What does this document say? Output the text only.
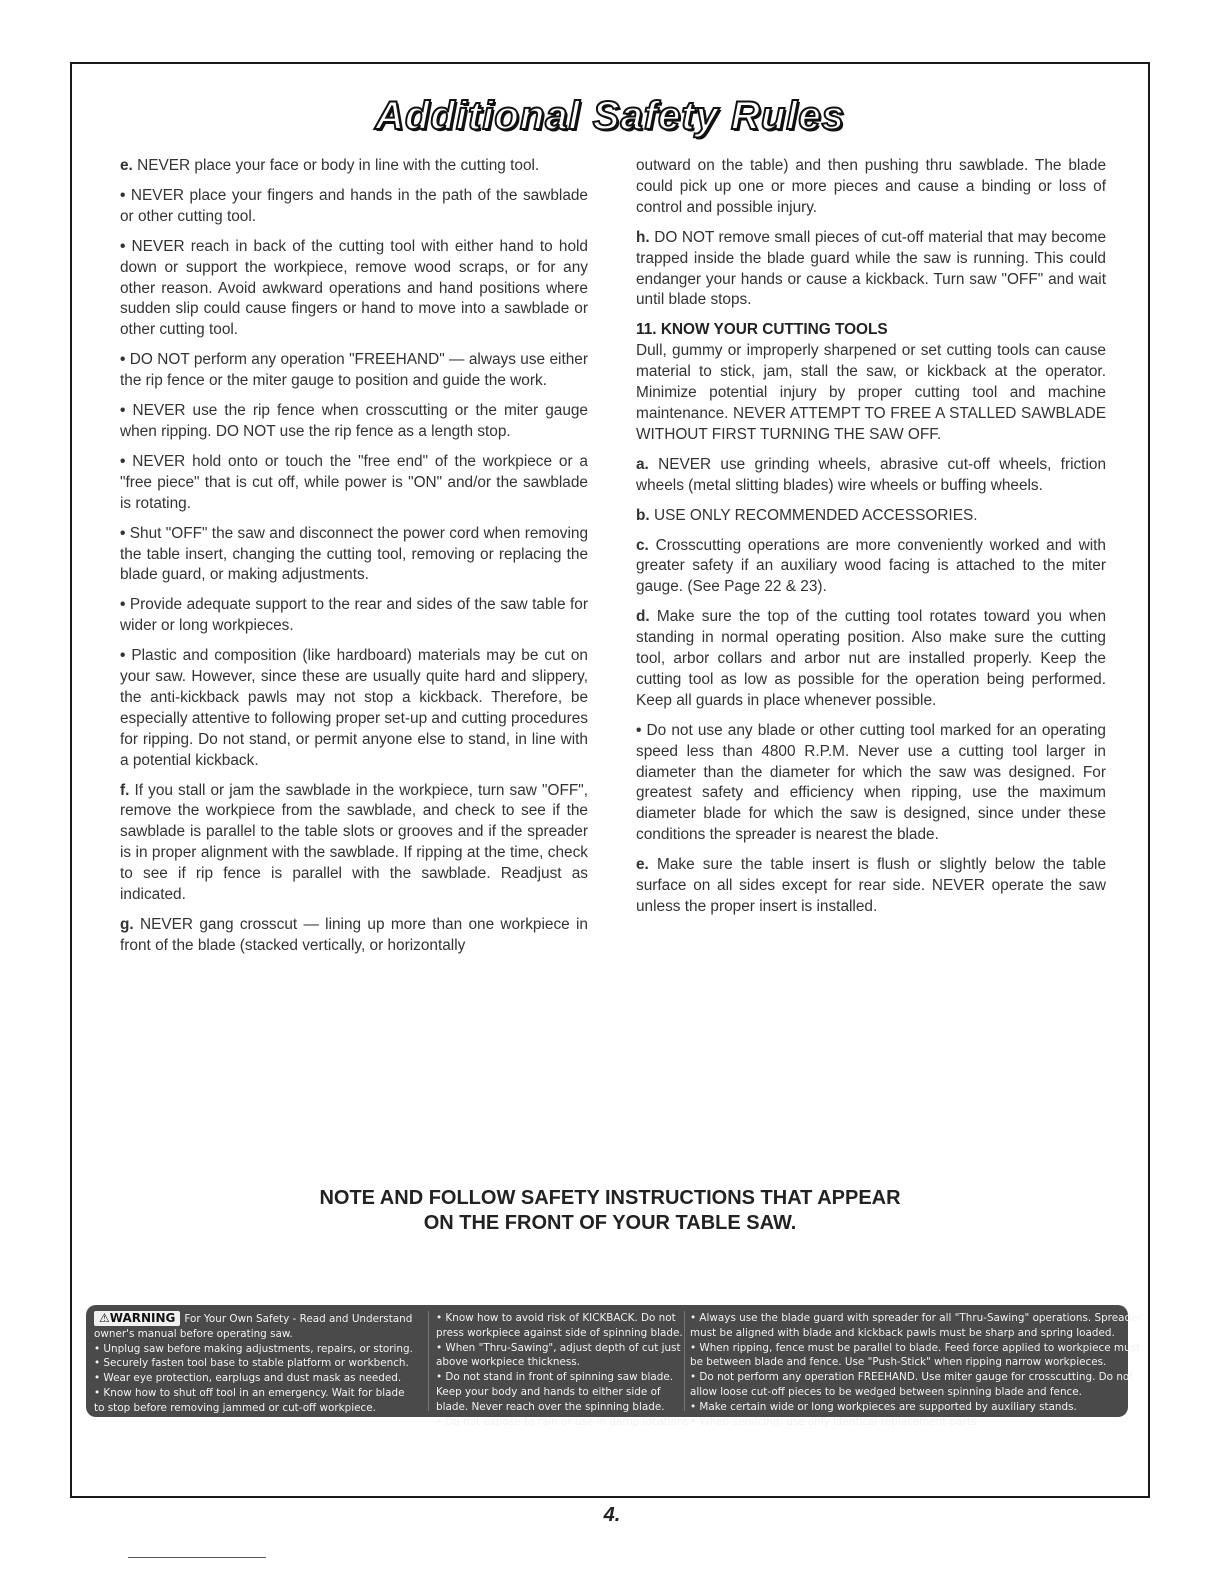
Additional Safety Rules

e. NEVER place your face or body in line with the cutting tool.

• NEVER place your fingers and hands in the path of the sawblade or other cutting tool.

• NEVER reach in back of the cutting tool with either hand to hold down or support the workpiece, remove wood scraps, or for any other reason. Avoid awkward operations and hand positions where sudden slip could cause fingers or hand to move into a sawblade or other cutting tool.

• DO NOT perform any operation "FREEHAND" — always use either the rip fence or the miter gauge to position and guide the work.

• NEVER use the rip fence when crosscutting or the miter gauge when ripping. DO NOT use the rip fence as a length stop.

• NEVER hold onto or touch the "free end" of the workpiece or a "free piece" that is cut off, while power is "ON" and/or the sawblade is rotating.

• Shut "OFF" the saw and disconnect the power cord when removing the table insert, changing the cutting tool, removing or replacing the blade guard, or making adjustments.

• Provide adequate support to the rear and sides of the saw table for wider or long workpieces.

• Plastic and composition (like hardboard) materials may be cut on your saw. However, since these are usually quite hard and slippery, the anti-kickback pawls may not stop a kickback. Therefore, be especially attentive to following proper set-up and cutting procedures for ripping. Do not stand, or permit anyone else to stand, in line with a potential kickback.

f. If you stall or jam the sawblade in the workpiece, turn saw "OFF", remove the workpiece from the sawblade, and check to see if the sawblade is parallel to the table slots or grooves and if the spreader is in proper alignment with the sawblade. If ripping at the time, check to see if rip fence is parallel with the sawblade. Readjust as indicated.

g. NEVER gang crosscut — lining up more than one workpiece in front of the blade (stacked vertically, or horizontally

outward on the table) and then pushing thru sawblade. The blade could pick up one or more pieces and cause a binding or loss of control and possible injury.

h. DO NOT remove small pieces of cut-off material that may become trapped inside the blade guard while the saw is running. This could endanger your hands or cause a kickback. Turn saw "OFF" and wait until blade stops.

11. KNOW YOUR CUTTING TOOLS

Dull, gummy or improperly sharpened or set cutting tools can cause material to stick, jam, stall the saw, or kickback at the operator. Minimize potential injury by proper cutting tool and machine maintenance. NEVER ATTEMPT TO FREE A STALLED SAWBLADE WITHOUT FIRST TURNING THE SAW OFF.

a. NEVER use grinding wheels, abrasive cut-off wheels, friction wheels (metal slitting blades) wire wheels or buffing wheels.

b. USE ONLY RECOMMENDED ACCESSORIES.

c. Crosscutting operations are more conveniently worked and with greater safety if an auxiliary wood facing is attached to the miter gauge. (See Page 22 & 23).

d. Make sure the top of the cutting tool rotates toward you when standing in normal operating position. Also make sure the cutting tool, arbor collars and arbor nut are installed properly. Keep the cutting tool as low as possible for the operation being performed. Keep all guards in place whenever possible.

• Do not use any blade or other cutting tool marked for an operating speed less than 4800 R.P.M. Never use a cutting tool larger in diameter than the diameter for which the saw was designed. For greatest safety and efficiency when ripping, use the maximum diameter blade for which the saw is designed, since under these conditions the spreader is nearest the blade.

e. Make sure the table insert is flush or slightly below the table surface on all sides except for rear side. NEVER operate the saw unless the proper insert is installed.

NOTE AND FOLLOW SAFETY INSTRUCTIONS THAT APPEAR
ON THE FRONT OF YOUR TABLE SAW.
⚠WARNING For Your Own Safety - Read and Understand
owner's manual before operating saw.
• Unplug saw before making adjustments, repairs, or storing.
• Securely fasten tool base to stable platform or workbench.
• Wear eye protection, earplugs and dust mask as needed.
• Know how to shut off tool in an emergency. Wait for blade
to stop before removing jammed or cut-off workpiece.
• Know how to avoid risk of KICKBACK. Do not
press workpiece against side of spinning blade.
• When "Thru-Sawing", adjust depth of cut just
above workpiece thickness.
• Do not stand in front of spinning saw blade.
Keep your body and hands to either side of
blade. Never reach over the spinning blade.
• Do not expose to rain or use in damp locations.
• Always use the blade guard with spreader for all "Thru-Sawing" operations. Spreader
must be aligned with blade and kickback pawls must be sharp and spring loaded.
• When ripping, fence must be parallel to blade. Feed force applied to workpiece must
be between blade and fence. Use "Push-Stick" when ripping narrow workpieces.
• Do not perform any operation FREEHAND. Use miter gauge for crosscutting. Do not
allow loose cut-off pieces to be wedged between spinning blade and fence.
• Make certain wide or long workpieces are supported by auxiliary stands.
• When servicing, use only identical replacement parts.
4.
